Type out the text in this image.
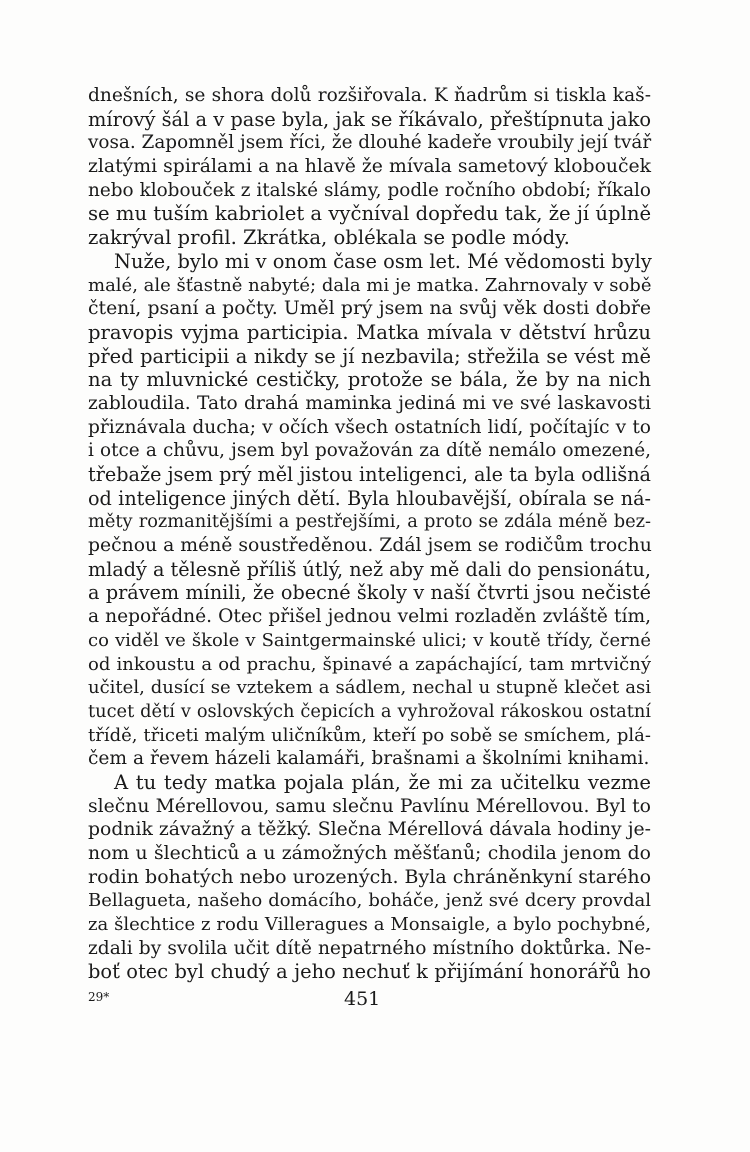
dnešních, se shora dolů rozšiřovala. K ňadrům si tiskla kaš-
mírový šál a v pase byla, jak se říkávalo, přeštípnuta jako
vosa. Zapomněl jsem říci, že dlouhé kadeře vroubily její tvář
zlatými spirálami a na hlavě že mívala sametový klobouček
nebo klobouček z italské slámy, podle ročního období; říkalo
se mu tuším kabriolet a vyčníval dopředu tak, že jí úplně
zakrýval profil. Zkrátka, oblékala se podle módy.
Nuže, bylo mi v onom čase osm let. Mé vědomosti byly
malé, ale šťastně nabyté; dala mi je matka. Zahrnovaly v sobě
čtení, psaní a počty. Uměl prý jsem na svůj věk dosti dobře
pravopis vyjma participia. Matka mívala v dětství hrůzu
před participii a nikdy se jí nezbavila; střežila se vést mě
na ty mluvnické cestičky, protože se bála, že by na nich
zabloudila. Tato drahá maminka jediná mi ve své laskavosti
přiznávala ducha; v očích všech ostatních lidí, počítajíc v to
i otce a chůvu, jsem byl považován za dítě nemálo omezené,
třebaže jsem prý měl jistou inteligenci, ale ta byla odlišná
od inteligence jiných dětí. Byla hloubavější, obírala se ná-
měty rozmanitějšími a pestřejšími, a proto se zdála méně bez-
pečnou a méně soustředěnou. Zdál jsem se rodičům trochu
mladý a tělesně příliš útlý, než aby mě dali do pensionátu,
a právem mínili, že obecné školy v naší čtvrti jsou nečisté
a nepořádné. Otec přišel jednou velmi rozladěn zvláště tím,
co viděl ve škole v Saintgermainské ulici; v koutě třídy, černé
od inkoustu a od prachu, špinavé a zapáchající, tam mrtvičný
učitel, dusící se vztekem a sádlem, nechal u stupně klečet asi
tucet dětí v oslovských čepicích a vyhrožoval rákoskou ostatní
třídě, třiceti malým uličníkům, kteří po sobě se smíchem, plá-
čem a řevem házeli kalamáři, brašnami a školními knihami.
A tu tedy matka pojala plán, že mi za učitelku vezme
slečnu Mérellovou, samu slečnu Pavlínu Mérellovou. Byl to
podnik závažný a těžký. Slečna Mérellová dávala hodiny je-
nom u šlechticů a u zámožných měšťanů; chodila jenom do
rodin bohatých nebo urozených. Byla chráněnkyní starého
Bellagueta, našeho domácího, boháče, jenž své dcery provdal
za šlechtice z rodu Villeragues a Monsaigle, a bylo pochybné,
zdali by svolila učit dítě nepatrného místního doktůrka. Ne-
boť otec byl chudý a jeho nechuť k přijímání honorářů ho
29*	451
